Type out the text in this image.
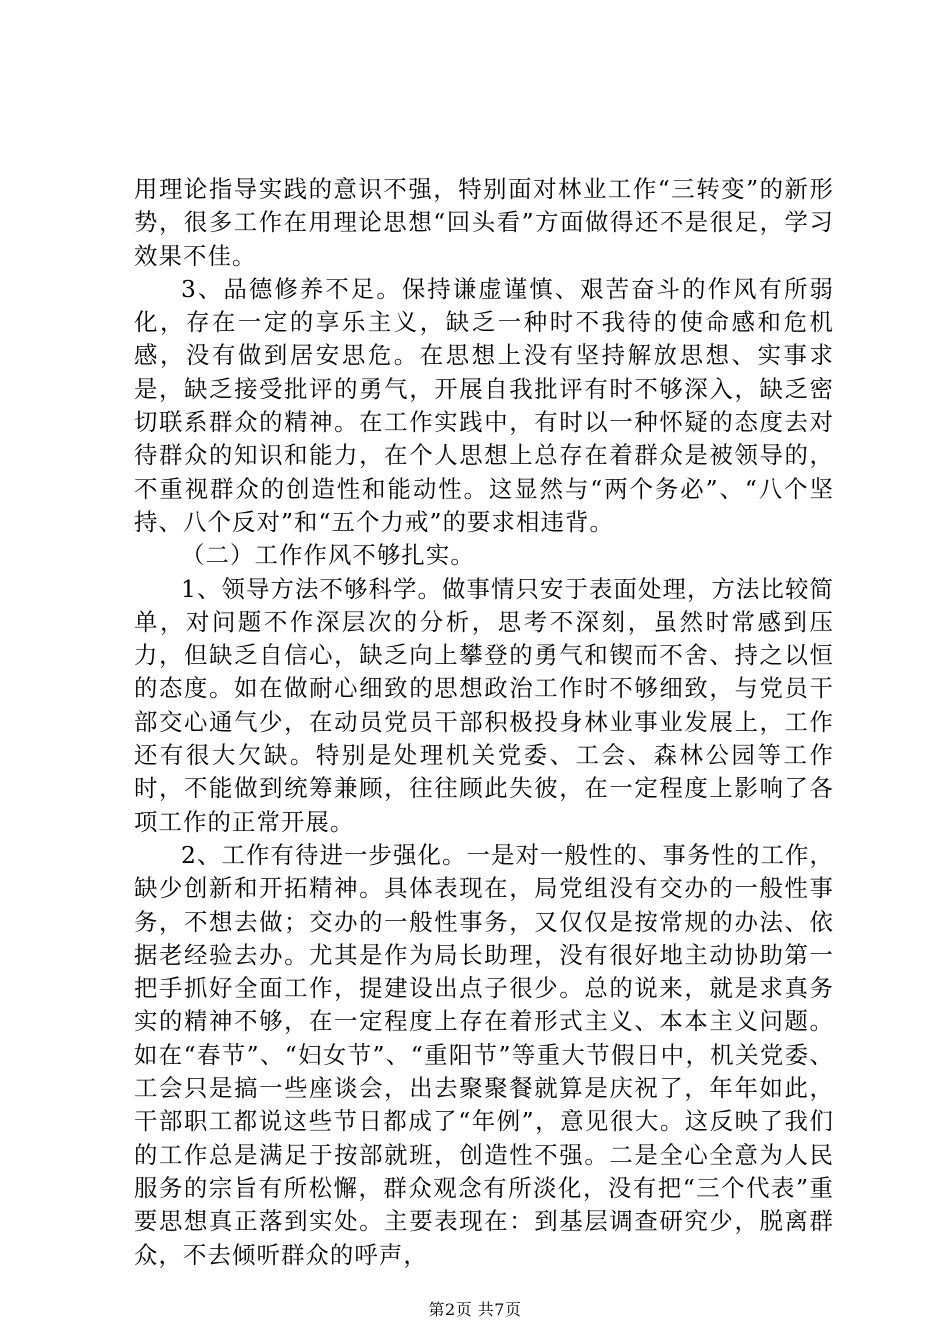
用理论指导实践的意识不强，特别面对林业工作“三转变”的新形势，很多工作在用理论思想“回头看”方面做得还不是很足，学习效果不佳。

3、品德修养不足。保持谦虚谨慎、艰苦奋斗的作风有所弱化，存在一定的享乐主义，缺乏一种时不我待的使命感和危机感，没有做到居安思危。在思想上没有坚持解放思想、实事求是，缺乏接受批评的勇气，开展自我批评有时不够深入，缺乏密切联系群众的精神。在工作实践中，有时以一种怀疑的态度去对待群众的知识和能力，在个人思想上总存在着群众是被领导的，不重视群众的创造性和能动性。这显然与“两个务必”、“八个坚持、八个反对”和“五个力戒”的要求相违背。

（二）工作作风不够扎实。

1、领导方法不够科学。做事情只安于表面处理，方法比较简单，对问题不作深层次的分析，思考不深刻，虽然时常感到压力，但缺乏自信心，缺乏向上攀登的勇气和锲而不舍、持之以恒的态度。如在做耐心细致的思想政治工作时不够细致，与党员干部交心通气少，在动员党员干部积极投身林业事业发展上，工作还有很大欠缺。特别是处理机关党委、工会、森林公园等工作时，不能做到统筹兼顾，往往顾此失彼，在一定程度上影响了各项工作的正常开展。

2、工作有待进一步强化。一是对一般性的、事务性的工作，缺少创新和开拓精神。具体表现在，局党组没有交办的一般性事务，不想去做；交办的一般性事务，又仅仅是按常规的办法、依据老经验去办。尤其是作为局长助理，没有很好地主动协助第一把手抓好全面工作，提建设出点子很少。总的说来，就是求真务实的精神不够，在一定程度上存在着形式主义、本本主义问题。如在“春节”、“妇女节”、“重阳节”等重大节假日中，机关党委、工会只是搞一些座谈会，出去聚聚餐就算是庆祝了，年年如此，干部职工都说这些节日都成了“年例”，意见很大。这反映了我们的工作总是满足于按部就班，创造性不强。二是全心全意为人民服务的宗旨有所松懈，群众观念有所淡化，没有把“三个代表”重要思想真正落到实处。主要表现在：到基层调查研究少，脱离群众，不去倾听群众的呼声，

第2页 共7页
